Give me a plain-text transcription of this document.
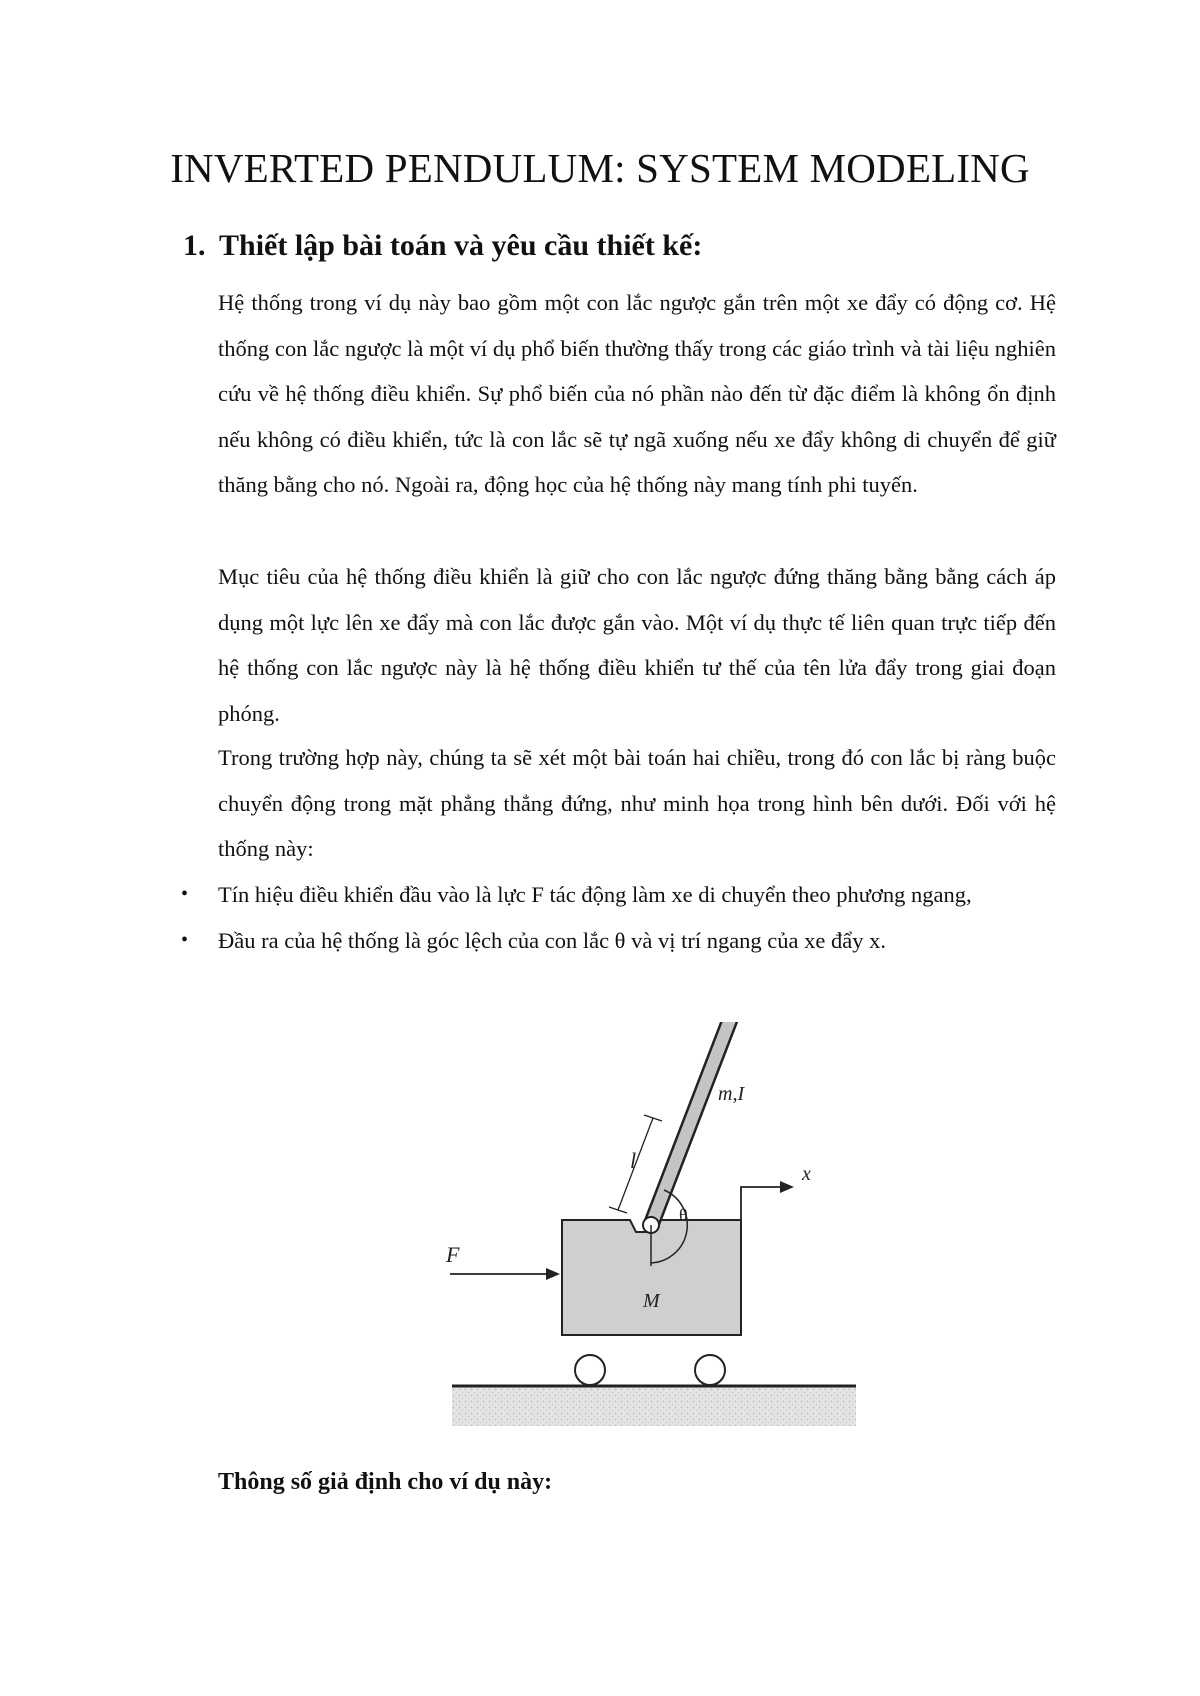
INVERTED PENDULUM: SYSTEM MODELING
1. Thiết lập bài toán và yêu cầu thiết kế:

Hệ thống trong ví dụ này bao gồm một con lắc ngược gắn trên một xe đẩy có động cơ. Hệ thống con lắc ngược là một ví dụ phổ biến thường thấy trong các giáo trình và tài liệu nghiên cứu về hệ thống điều khiển. Sự phổ biến của nó phần nào đến từ đặc điểm là không ổn định nếu không có điều khiển, tức là con lắc sẽ tự ngã xuống nếu xe đẩy không di chuyển để giữ thăng bằng cho nó. Ngoài ra, động học của hệ thống này mang tính phi tuyến.

Mục tiêu của hệ thống điều khiển là giữ cho con lắc ngược đứng thăng bằng bằng cách áp dụng một lực lên xe đẩy mà con lắc được gắn vào. Một ví dụ thực tế liên quan trực tiếp đến hệ thống con lắc ngược này là hệ thống điều khiển tư thế của tên lửa đẩy trong giai đoạn phóng.

Trong trường hợp này, chúng ta sẽ xét một bài toán hai chiều, trong đó con lắc bị ràng buộc chuyển động trong mặt phẳng thẳng đứng, như minh họa trong hình bên dưới. Đối với hệ thống này:

• Tín hiệu điều khiển đầu vào là lực F tác động làm xe di chuyển theo phương ngang,
• Đầu ra của hệ thống là góc lệch của con lắc θ và vị trí ngang của xe đẩy x.
F
M
m,I
l
θ
x
Thông số giả định cho ví dụ này:
